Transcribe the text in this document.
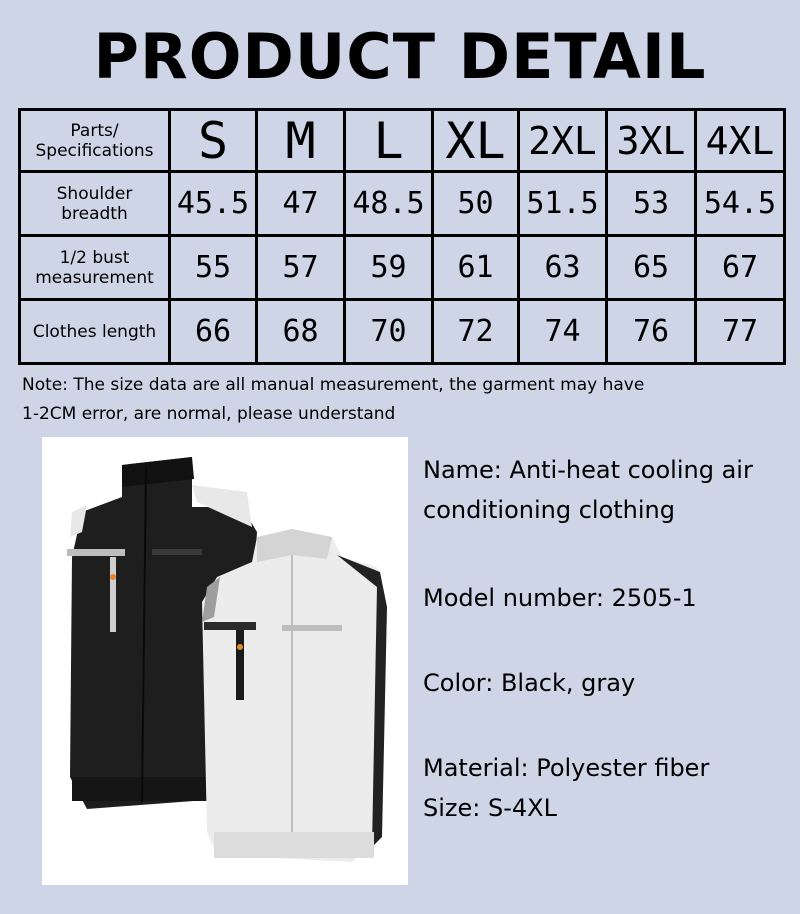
PRODUCT DETAIL
Parts/
Specifications	S	M	L	XL	2XL	3XL	4XL

Shoulder
breadth	45.5	47	48.5	50	51.5	53	54.5

1/2 bust
measurement	55	57	59	61	63	65	67

Clothes length	66	68	70	72	74	76	77
Note: The size data are all manual measurement, the garment may have
1-2CM error, are normal, please understand
Name: Anti-heat cooling air
conditioning clothing
Model number: 2505-1
Color: Black, gray
Material: Polyester fiber
Size: S-4XL
